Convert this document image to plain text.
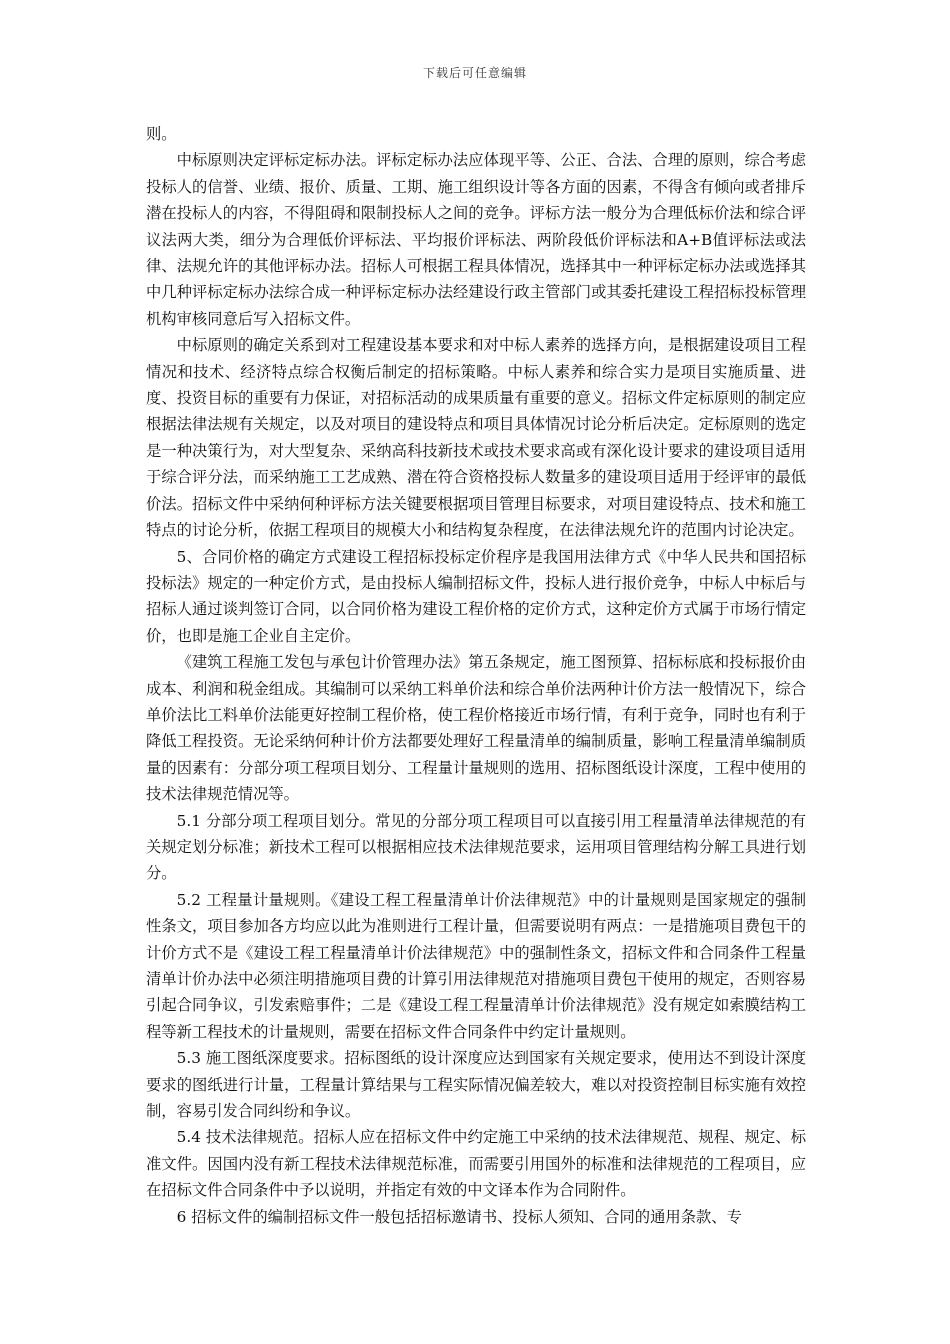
下载后可任意编辑

则。

中标原则决定评标定标办法。评标定标办法应体现平等、公正、合法、合理的原则，综合考虑投标人的信誉、业绩、报价、质量、工期、施工组织设计等各方面的因素，不得含有倾向或者排斥潜在投标人的内容，不得阻碍和限制投标人之间的竞争。评标方法一般分为合理低标价法和综合评议法两大类，细分为合理低价评标法、平均报价评标法、两阶段低价评标法和A+B值评标法或法律、法规允许的其他评标办法。招标人可根据工程具体情况，选择其中一种评标定标办法或选择其中几种评标定标办法综合成一种评标定标办法经建设行政主管部门或其委托建设工程招标投标管理机构审核同意后写入招标文件。

中标原则的确定关系到对工程建设基本要求和对中标人素养的选择方向，是根据建设项目工程情况和技术、经济特点综合权衡后制定的招标策略。中标人素养和综合实力是项目实施质量、进度、投资目标的重要有力保证，对招标活动的成果质量有重要的意义。招标文件定标原则的制定应根据法律法规有关规定，以及对项目的建设特点和项目具体情况讨论分析后决定。定标原则的选定是一种决策行为，对大型复杂、采纳高科技新技术或技术要求高或有深化设计要求的建设项目适用于综合评分法，而采纳施工工艺成熟、潜在符合资格投标人数量多的建设项目适用于经评审的最低价法。招标文件中采纳何种评标方法关键要根据项目管理目标要求，对项目建设特点、技术和施工特点的讨论分析，依据工程项目的规模大小和结构复杂程度，在法律法规允许的范围内讨论决定。

5、合同价格的确定方式建设工程招标投标定价程序是我国用法律方式《中华人民共和国招标投标法》规定的一种定价方式，是由投标人编制招标文件，投标人进行报价竞争，中标人中标后与招标人通过谈判签订合同，以合同价格为建设工程价格的定价方式，这种定价方式属于市场行情定价，也即是施工企业自主定价。

《建筑工程施工发包与承包计价管理办法》第五条规定，施工图预算、招标标底和投标报价由成本、利润和税金组成。其编制可以采纳工料单价法和综合单价法两种计价方法一般情况下，综合单价法比工料单价法能更好控制工程价格，使工程价格接近市场行情，有利于竞争，同时也有利于降低工程投资。无论采纳何种计价方法都要处理好工程量清单的编制质量，影响工程量清单编制质量的因素有：分部分项工程项目划分、工程量计量规则的选用、招标图纸设计深度，工程中使用的技术法律规范情况等。

5.1 分部分项工程项目划分。常见的分部分项工程项目可以直接引用工程量清单法律规范的有关规定划分标准；新技术工程可以根据相应技术法律规范要求，运用项目管理结构分解工具进行划分。

5.2 工程量计量规则。《建设工程工程量清单计价法律规范》中的计量规则是国家规定的强制性条文，项目参加各方均应以此为准则进行工程计量，但需要说明有两点：一是措施项目费包干的计价方式不是《建设工程工程量清单计价法律规范》中的强制性条文，招标文件和合同条件工程量清单计价办法中必须注明措施项目费的计算引用法律规范对措施项目费包干使用的规定，否则容易引起合同争议，引发索赔事件；二是《建设工程工程量清单计价法律规范》没有规定如索膜结构工程等新工程技术的计量规则，需要在招标文件合同条件中约定计量规则。

5.3 施工图纸深度要求。招标图纸的设计深度应达到国家有关规定要求，使用达不到设计深度要求的图纸进行计量，工程量计算结果与工程实际情况偏差较大，难以对投资控制目标实施有效控制，容易引发合同纠纷和争议。

5.4 技术法律规范。招标人应在招标文件中约定施工中采纳的技术法律规范、规程、规定、标准文件。因国内没有新工程技术法律规范标准，而需要引用国外的标准和法律规范的工程项目，应在招标文件合同条件中予以说明，并指定有效的中文译本作为合同附件。

6 招标文件的编制招标文件一般包括招标邀请书、投标人须知、合同的通用条款、专
